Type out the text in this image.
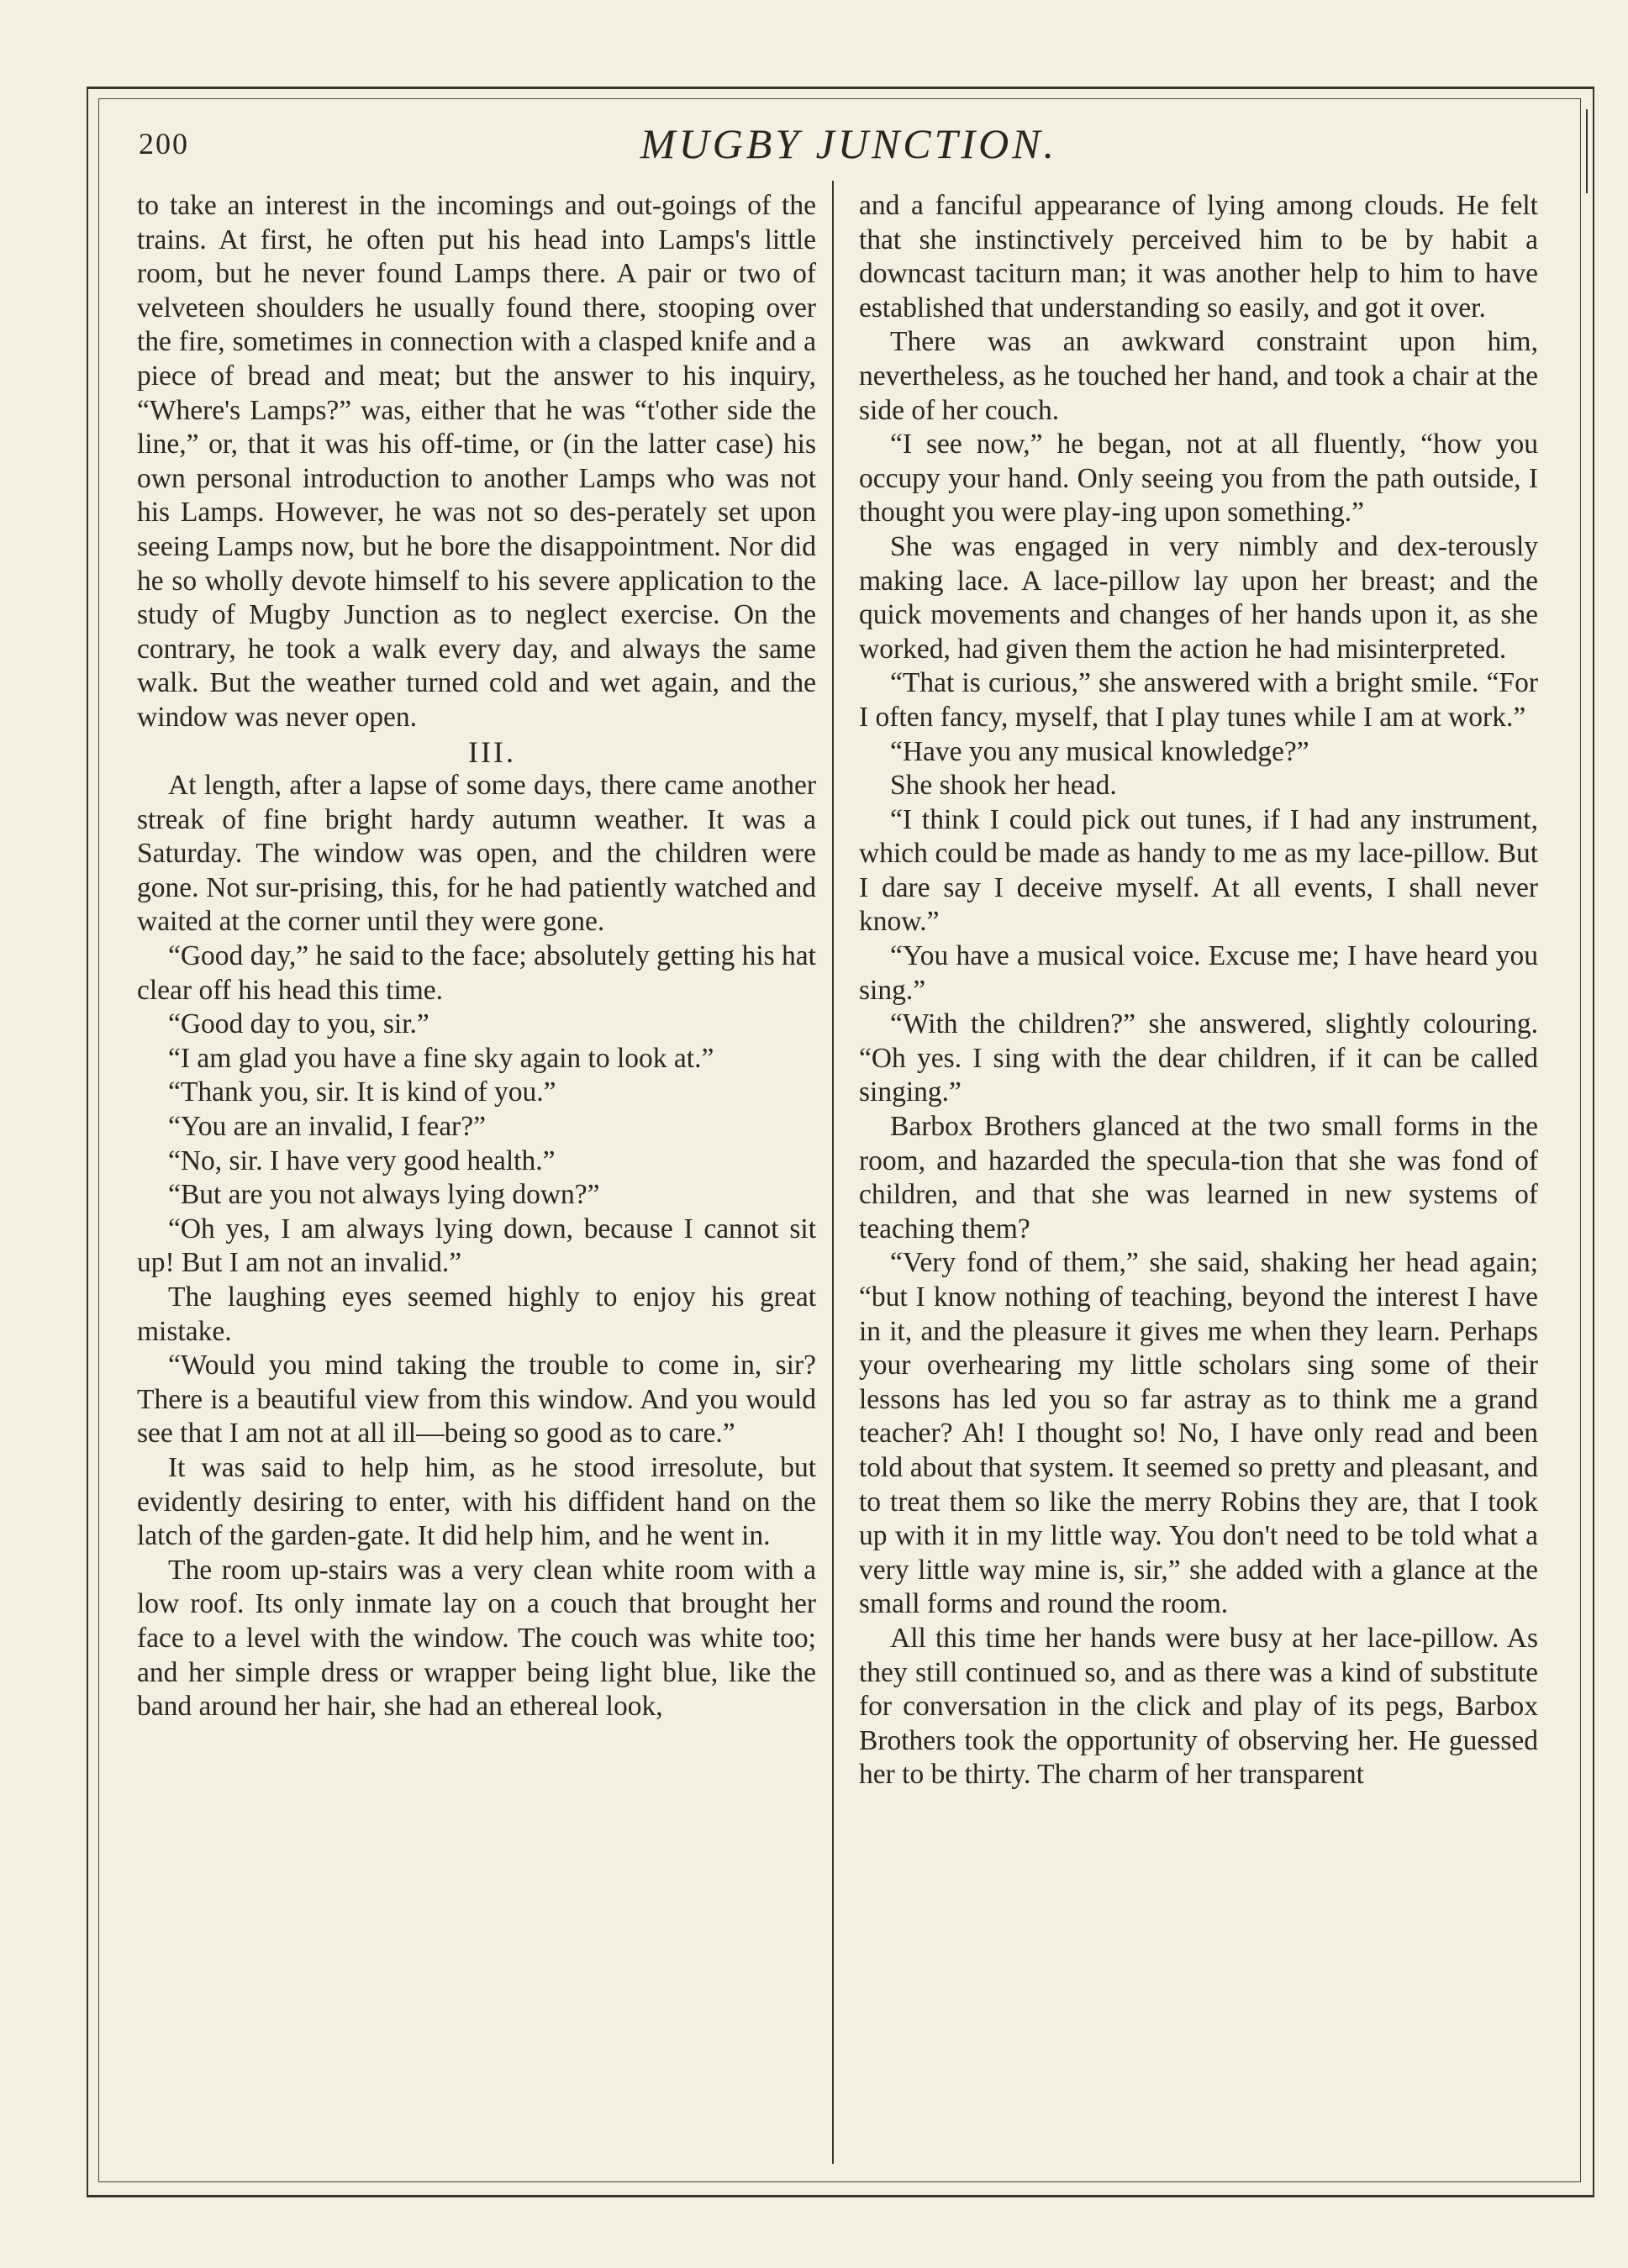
200	MUGBY JUNCTION.

to take an interest in the incomings and out-goings of the trains. At first, he often put his head into Lamps's little room, but he never found Lamps there. A pair or two of velveteen shoulders he usually found there, stooping over the fire, sometimes in connection with a clasped knife and a piece of bread and meat; but the answer to his inquiry, “Where's Lamps?” was, either that he was “t'other side the line,” or, that it was his off-time, or (in the latter case) his own personal introduction to another Lamps who was not his Lamps. However, he was not so des-perately set upon seeing Lamps now, but he bore the disappointment. Nor did he so wholly devote himself to his severe application to the study of Mugby Junction as to neglect exercise. On the contrary, he took a walk every day, and always the same walk. But the weather turned cold and wet again, and the window was never open.

III.

At length, after a lapse of some days, there came another streak of fine bright hardy autumn weather. It was a Saturday. The window was open, and the children were gone. Not sur-prising, this, for he had patiently watched and waited at the corner until they were gone.

“Good day,” he said to the face; absolutely getting his hat clear off his head this time.

“Good day to you, sir.”

“I am glad you have a fine sky again to look at.”

“Thank you, sir. It is kind of you.”

“You are an invalid, I fear?”

“No, sir. I have very good health.”

“But are you not always lying down?”

“Oh yes, I am always lying down, because I cannot sit up! But I am not an invalid.”

The laughing eyes seemed highly to enjoy his great mistake.

“Would you mind taking the trouble to come in, sir? There is a beautiful view from this window. And you would see that I am not at all ill—being so good as to care.”

It was said to help him, as he stood irresolute, but evidently desiring to enter, with his diffident hand on the latch of the garden-gate. It did help him, and he went in.

The room up-stairs was a very clean white room with a low roof. Its only inmate lay on a couch that brought her face to a level with the window. The couch was white too; and her simple dress or wrapper being light blue, like the band around her hair, she had an ethereal look,

and a fanciful appearance of lying among clouds. He felt that she instinctively perceived him to be by habit a downcast taciturn man; it was another help to him to have established that understanding so easily, and got it over.

There was an awkward constraint upon him, nevertheless, as he touched her hand, and took a chair at the side of her couch.

“I see now,” he began, not at all fluently, “how you occupy your hand. Only seeing you from the path outside, I thought you were play-ing upon something.”

She was engaged in very nimbly and dex-terously making lace. A lace-pillow lay upon her breast; and the quick movements and changes of her hands upon it, as she worked, had given them the action he had misinterpreted.

“That is curious,” she answered with a bright smile. “For I often fancy, myself, that I play tunes while I am at work.”

“Have you any musical knowledge?”

She shook her head.

“I think I could pick out tunes, if I had any instrument, which could be made as handy to me as my lace-pillow. But I dare say I deceive myself. At all events, I shall never know.”

“You have a musical voice. Excuse me; I have heard you sing.”

“With the children?” she answered, slightly colouring. “Oh yes. I sing with the dear children, if it can be called singing.”

Barbox Brothers glanced at the two small forms in the room, and hazarded the specula-tion that she was fond of children, and that she was learned in new systems of teaching them?

“Very fond of them,” she said, shaking her head again; “but I know nothing of teaching, beyond the interest I have in it, and the pleasure it gives me when they learn. Perhaps your overhearing my little scholars sing some of their lessons has led you so far astray as to think me a grand teacher? Ah! I thought so! No, I have only read and been told about that system. It seemed so pretty and pleasant, and to treat them so like the merry Robins they are, that I took up with it in my little way. You don't need to be told what a very little way mine is, sir,” she added with a glance at the small forms and round the room.

All this time her hands were busy at her lace-pillow. As they still continued so, and as there was a kind of substitute for conversation in the click and play of its pegs, Barbox Brothers took the opportunity of observing her. He guessed her to be thirty. The charm of her transparent
